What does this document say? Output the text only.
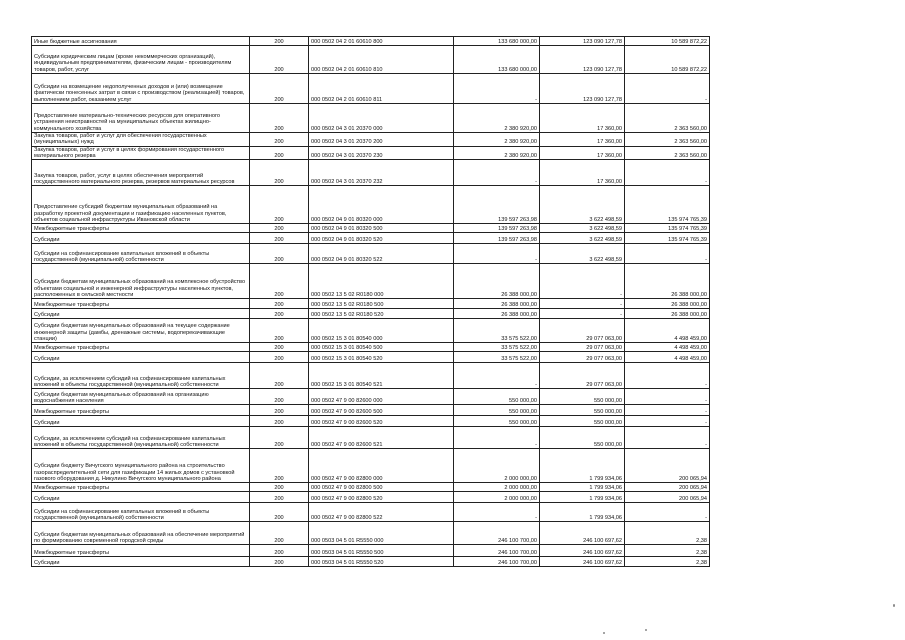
Иные бюджетные ассигнования	200	000 0502 04 2 01 60610 800	133 680 000,00	123 090 127,78	10 589 872,22
Субсидии юридическим лицам (кроме некоммерческих организаций), индивидуальным предпринимателям, физическим лицам - производителям товаров, работ, услуг	200	000 0502 04 2 01 60610 810	133 680 000,00	123 090 127,78	10 589 872,22
Субсидии на возмещение недополученных доходов и (или) возмещение фактически понесенных затрат в связи с производством (реализацией) товаров, выполнением работ, оказанием услуг	200	000 0502 04 2 01 60610 811	-	123 090 127,78	-
Предоставление материально-технических ресурсов для оперативного устранения неисправностей на муниципальных объектах жилищно-коммунального хозяйства	200	000 0502 04 3 01 20370 000	2 380 920,00	17 360,00	2 363 560,00
Закупка товаров, работ и услуг для обеспечения государственных (муниципальных) нужд	200	000 0502 04 3 01 20370 200	2 380 920,00	17 360,00	2 363 560,00
Закупка товаров, работ и услуг в целях формирования государственного материального резерва	200	000 0502 04 3 01 20370 230	2 380 920,00	17 360,00	2 363 560,00
Закупка товаров, работ, услуг в целях обеспечения мероприятий государственного материального резерва, резервов материальных ресурсов	200	000 0502 04 3 01 20370 232	-	17 360,00	-
Предоставление субсидий бюджетам муниципальных образований на разработку проектной документации и газификацию населенных пунктов, объектов социальной инфраструктуры Ивановской области	200	000 0502 04 9 01 80320 000	139 597 263,98	3 622 498,59	135 974 765,39
Межбюджетные трансферты	200	000 0502 04 9 01 80320 500	139 597 263,98	3 622 498,59	135 974 765,39
Субсидии	200	000 0502 04 9 01 80320 520	139 597 263,98	3 622 498,59	135 974 765,39
Субсидии на софинансирование капитальных вложений в объекты государственной (муниципальной) собственности	200	000 0502 04 9 01 80320 522	-	3 622 498,59	-
Субсидии бюджетам муниципальных образований на комплексное обустройство объектами социальной и инженерной инфраструктуры населенных пунктов, расположенных в сельской местности	200	000 0502 13 5 02 R0180 000	26 388 000,00	-	26 388 000,00
Межбюджетные трансферты	200	000 0502 13 5 02 R0180 500	26 388 000,00	-	26 388 000,00
Субсидии	200	000 0502 13 5 02 R0180 520	26 388 000,00	-	26 388 000,00
Субсидии бюджетам муниципальных образований на текущее содержание инженерной защиты (дамбы, дренажные системы, водоперекачивающие станции)	200	000 0502 15 3 01 80540 000	33 575 522,00	29 077 063,00	4 498 459,00
Межбюджетные трансферты	200	000 0502 15 3 01 80540 500	33 575 522,00	29 077 063,00	4 498 459,00
Субсидии	200	000 0502 15 3 01 80540 520	33 575 522,00	29 077 063,00	4 498 459,00
Субсидии, за исключением субсидий на софинансирование капитальных вложений в объекты государственной (муниципальной) собственности	200	000 0502 15 3 01 80540 521	-	29 077 063,00	-
Субсидии бюджетам муниципальных образований на организацию водоснабжения населения	200	000 0502 47 9 00 82600 000	550 000,00	550 000,00	-
Межбюджетные трансферты	200	000 0502 47 9 00 82600 500	550 000,00	550 000,00	-
Субсидии	200	000 0502 47 9 00 82600 520	550 000,00	550 000,00	-
Субсидии, за исключением субсидий на софинансирование капитальных вложений в объекты государственной (муниципальной) собственности	200	000 0502 47 9 00 82600 521	-	550 000,00	-
Субсидии бюджету Вичугского муниципального района на строительство газораспределительной сети для газификации 14 жилых домов с установкой газового оборудования д. Никулино Вичугского муниципального района	200	000 0502 47 9 00 82800 000	2 000 000,00	1 799 934,06	200 065,94
Межбюджетные трансферты	200	000 0502 47 9 00 82800 500	2 000 000,00	1 799 934,06	200 065,94
Субсидии	200	000 0502 47 9 00 82800 520	2 000 000,00	1 799 934,06	200 065,94
Субсидии на софинансирование капитальных вложений в объекты государственной (муниципальной) собственности	200	000 0502 47 9 00 82800 522	-	1 799 934,06	-
Субсидии бюджетам муниципальных образований на обеспечение мероприятий по формированию современной городской среды	200	000 0503 04 5 01 R5550 000	246 100 700,00	246 100 697,62	2,38
Межбюджетные трансферты	200	000 0503 04 5 01 R5550 500	246 100 700,00	246 100 697,62	2,38
Субсидии	200	000 0503 04 5 01 R5550 520	246 100 700,00	246 100 697,62	2,38
